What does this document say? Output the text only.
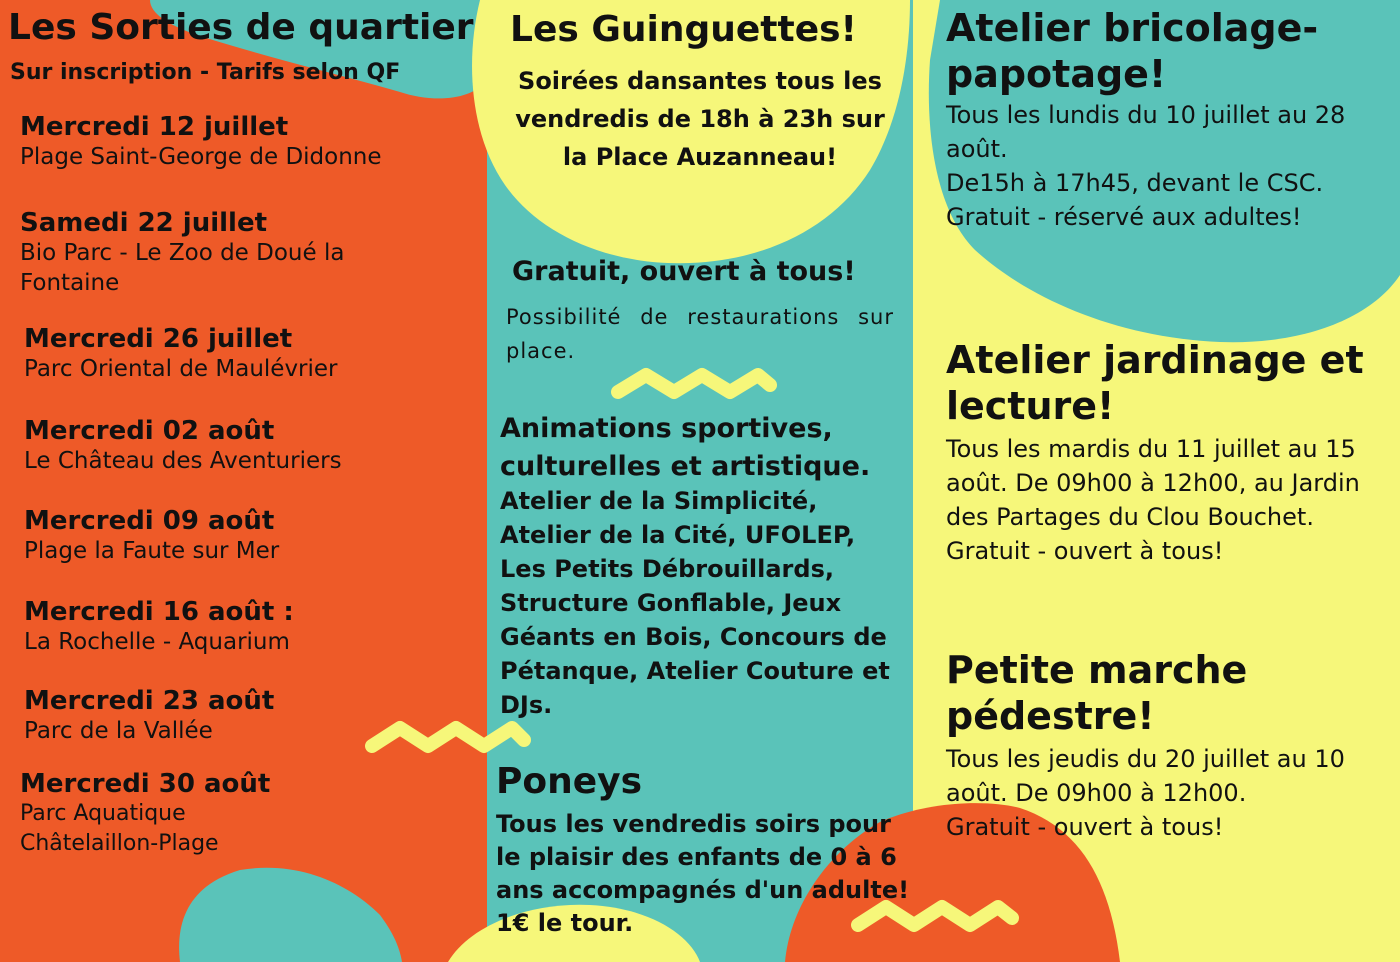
Les Sorties de quartier
Sur inscription - Tarifs selon QF
Mercredi 12 juillet
Plage Saint-George de Didonne
Samedi 22 juillet
Bio Parc - Le Zoo de Doué la Fontaine
Mercredi 26 juillet
Parc Oriental de Maulévrier
Mercredi 02 août
Le Château des Aventuriers
Mercredi 09 août
Plage la Faute sur Mer
Mercredi 16 août :
La Rochelle - Aquarium
Mercredi 23 août
Parc de la Vallée
Mercredi 30 août
Parc Aquatique Châtelaillon-Plage
Les Guinguettes!
Soirées dansantes tous les vendredis de 18h à 23h sur la Place Auzanneau!
Gratuit, ouvert à tous!
Possibilité de restaurations sur place.
Animations sportives, culturelles et artistique.
Atelier de la Simplicité, Atelier de la Cité, UFOLEP, Les Petits Débrouillards, Structure Gonflable, Jeux Géants en Bois, Concours de Pétanque, Atelier Couture et DJs.
Poneys
Tous les vendredis soirs pour le plaisir des enfants de 0 à 6 ans accompagnés d'un adulte! 1€ le tour.
Atelier bricolage-papotage!
Tous les lundis du 10 juillet au 28 août.
De15h à 17h45, devant le CSC.
Gratuit - réservé aux adultes!
Atelier jardinage et lecture!
Tous les mardis du 11 juillet au 15 août. De 09h00 à 12h00, au Jardin des Partages du Clou Bouchet.
Gratuit - ouvert à tous!
Petite marche pédestre!
Tous les jeudis du 20 juillet au 10 août. De 09h00 à 12h00.
Gratuit - ouvert à tous!
